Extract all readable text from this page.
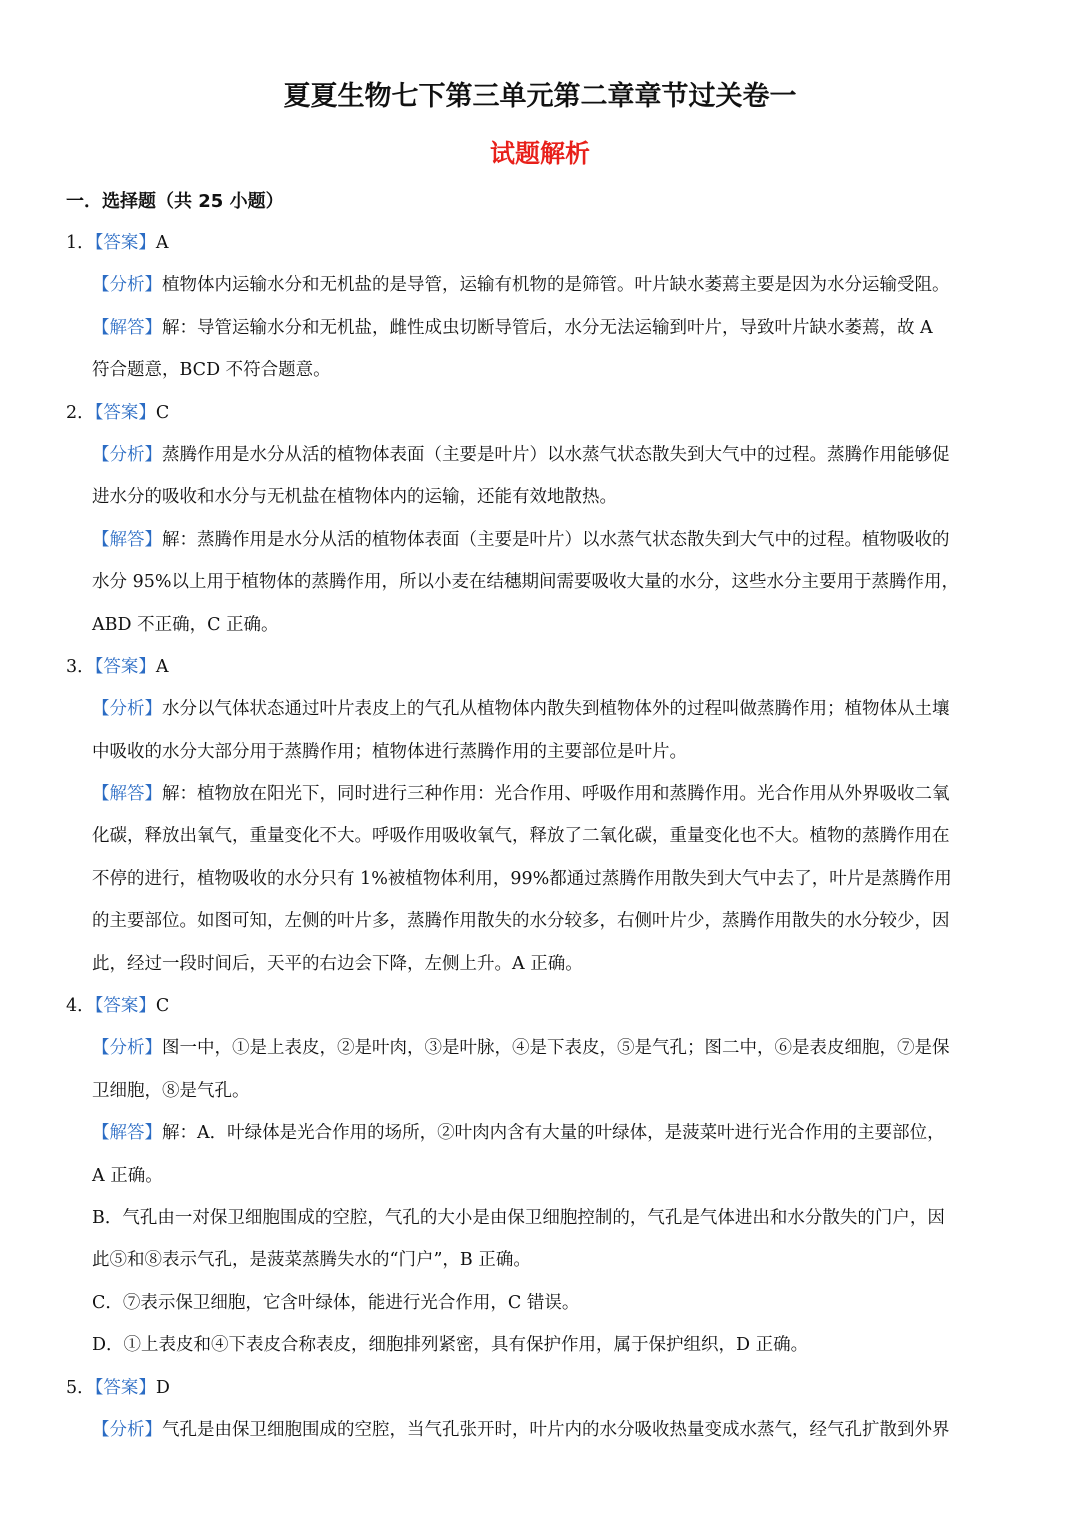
夏夏生物七下第三单元第二章章节过关卷一
试题解析
一．选择题（共 25 小题）
1．【答案】A
【分析】植物体内运输水分和无机盐的是导管，运输有机物的是筛管。叶片缺水萎蔫主要是因为水分运输受阻。
【解答】解：导管运输水分和无机盐，雌性成虫切断导管后，水分无法运输到叶片，导致叶片缺水萎蔫，故 A
符合题意，BCD 不符合题意。
2．【答案】C
【分析】蒸腾作用是水分从活的植物体表面（主要是叶片）以水蒸气状态散失到大气中的过程。蒸腾作用能够促
进水分的吸收和水分与无机盐在植物体内的运输，还能有效地散热。
【解答】解：蒸腾作用是水分从活的植物体表面（主要是叶片）以水蒸气状态散失到大气中的过程。植物吸收的
水分 95%以上用于植物体的蒸腾作用，所以小麦在结穗期间需要吸收大量的水分，这些水分主要用于蒸腾作用，
ABD 不正确，C 正确。
3．【答案】A
【分析】水分以气体状态通过叶片表皮上的气孔从植物体内散失到植物体外的过程叫做蒸腾作用；植物体从土壤
中吸收的水分大部分用于蒸腾作用；植物体进行蒸腾作用的主要部位是叶片。
【解答】解：植物放在阳光下，同时进行三种作用：光合作用、呼吸作用和蒸腾作用。光合作用从外界吸收二氧
化碳，释放出氧气，重量变化不大。呼吸作用吸收氧气，释放了二氧化碳，重量变化也不大。植物的蒸腾作用在
不停的进行，植物吸收的水分只有 1%被植物体利用，99%都通过蒸腾作用散失到大气中去了，叶片是蒸腾作用
的主要部位。如图可知，左侧的叶片多，蒸腾作用散失的水分较多，右侧叶片少，蒸腾作用散失的水分较少，因
此，经过一段时间后，天平的右边会下降，左侧上升。A 正确。
4．【答案】C
【分析】图一中，①是上表皮，②是叶肉，③是叶脉，④是下表皮，⑤是气孔；图二中，⑥是表皮细胞，⑦是保
卫细胞，⑧是气孔。
【解答】解：A．叶绿体是光合作用的场所，②叶肉内含有大量的叶绿体，是菠菜叶进行光合作用的主要部位，
A 正确。
B．气孔由一对保卫细胞围成的空腔，气孔的大小是由保卫细胞控制的，气孔是气体进出和水分散失的门户，因
此⑤和⑧表示气孔，是菠菜蒸腾失水的“门户”，B 正确。
C．⑦表示保卫细胞，它含叶绿体，能进行光合作用，C 错误。
D．①上表皮和④下表皮合称表皮，细胞排列紧密，具有保护作用，属于保护组织，D 正确。
5．【答案】D
【分析】气孔是由保卫细胞围成的空腔，当气孔张开时，叶片内的水分吸收热量变成水蒸气，经气孔扩散到外界
